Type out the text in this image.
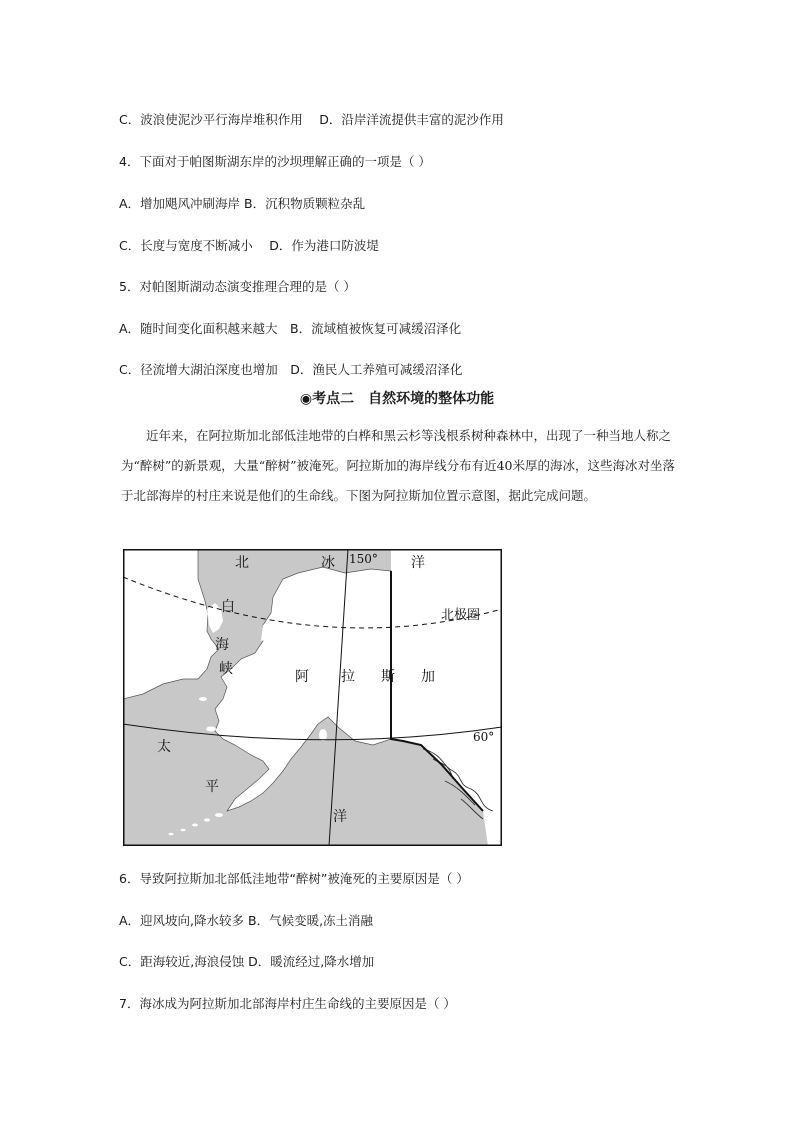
C．波浪使泥沙平行海岸堆积作用　 D．沿岸洋流提供丰富的泥沙作用
4．下面对于帕图斯湖东岸的沙坝理解正确的一项是（ ）
A．增加飓风冲刷海岸 B．沉积物质颗粒杂乱
C．长度与宽度不断减小　 D．作为港口防波堤
5．对帕图斯湖动态演变推理合理的是（ ）
A．随时间变化面积越来越大　B．流域植被恢复可减缓沼泽化
C．径流增大湖泊深度也增加　D．渔民人工养殖可减缓沼泽化
◉考点二　自然环境的整体功能

近年来，在阿拉斯加北部低洼地带的白桦和黑云杉等浅根系树种森林中，出现了一种当地人称之为“醉树”的新景观，大量“醉树”被淹死。阿拉斯加的海岸线分布有近40米厚的海冰，这些海冰对坐落于北部海岸的村庄来说是他们的生命线。下图为阿拉斯加位置示意图，据此完成问题。

北	冰 150° 洋
白
海
峡
北极圈
阿 拉 斯 加
60°
太
平
洋
6．导致阿拉斯加北部低洼地带“醉树”被淹死的主要原因是（ ）
A．迎风坡向,降水较多 B．气候变暖,冻土消融
C．距海较近,海浪侵蚀 D．暖流经过,降水增加
7．海冰成为阿拉斯加北部海岸村庄生命线的主要原因是（ ）
